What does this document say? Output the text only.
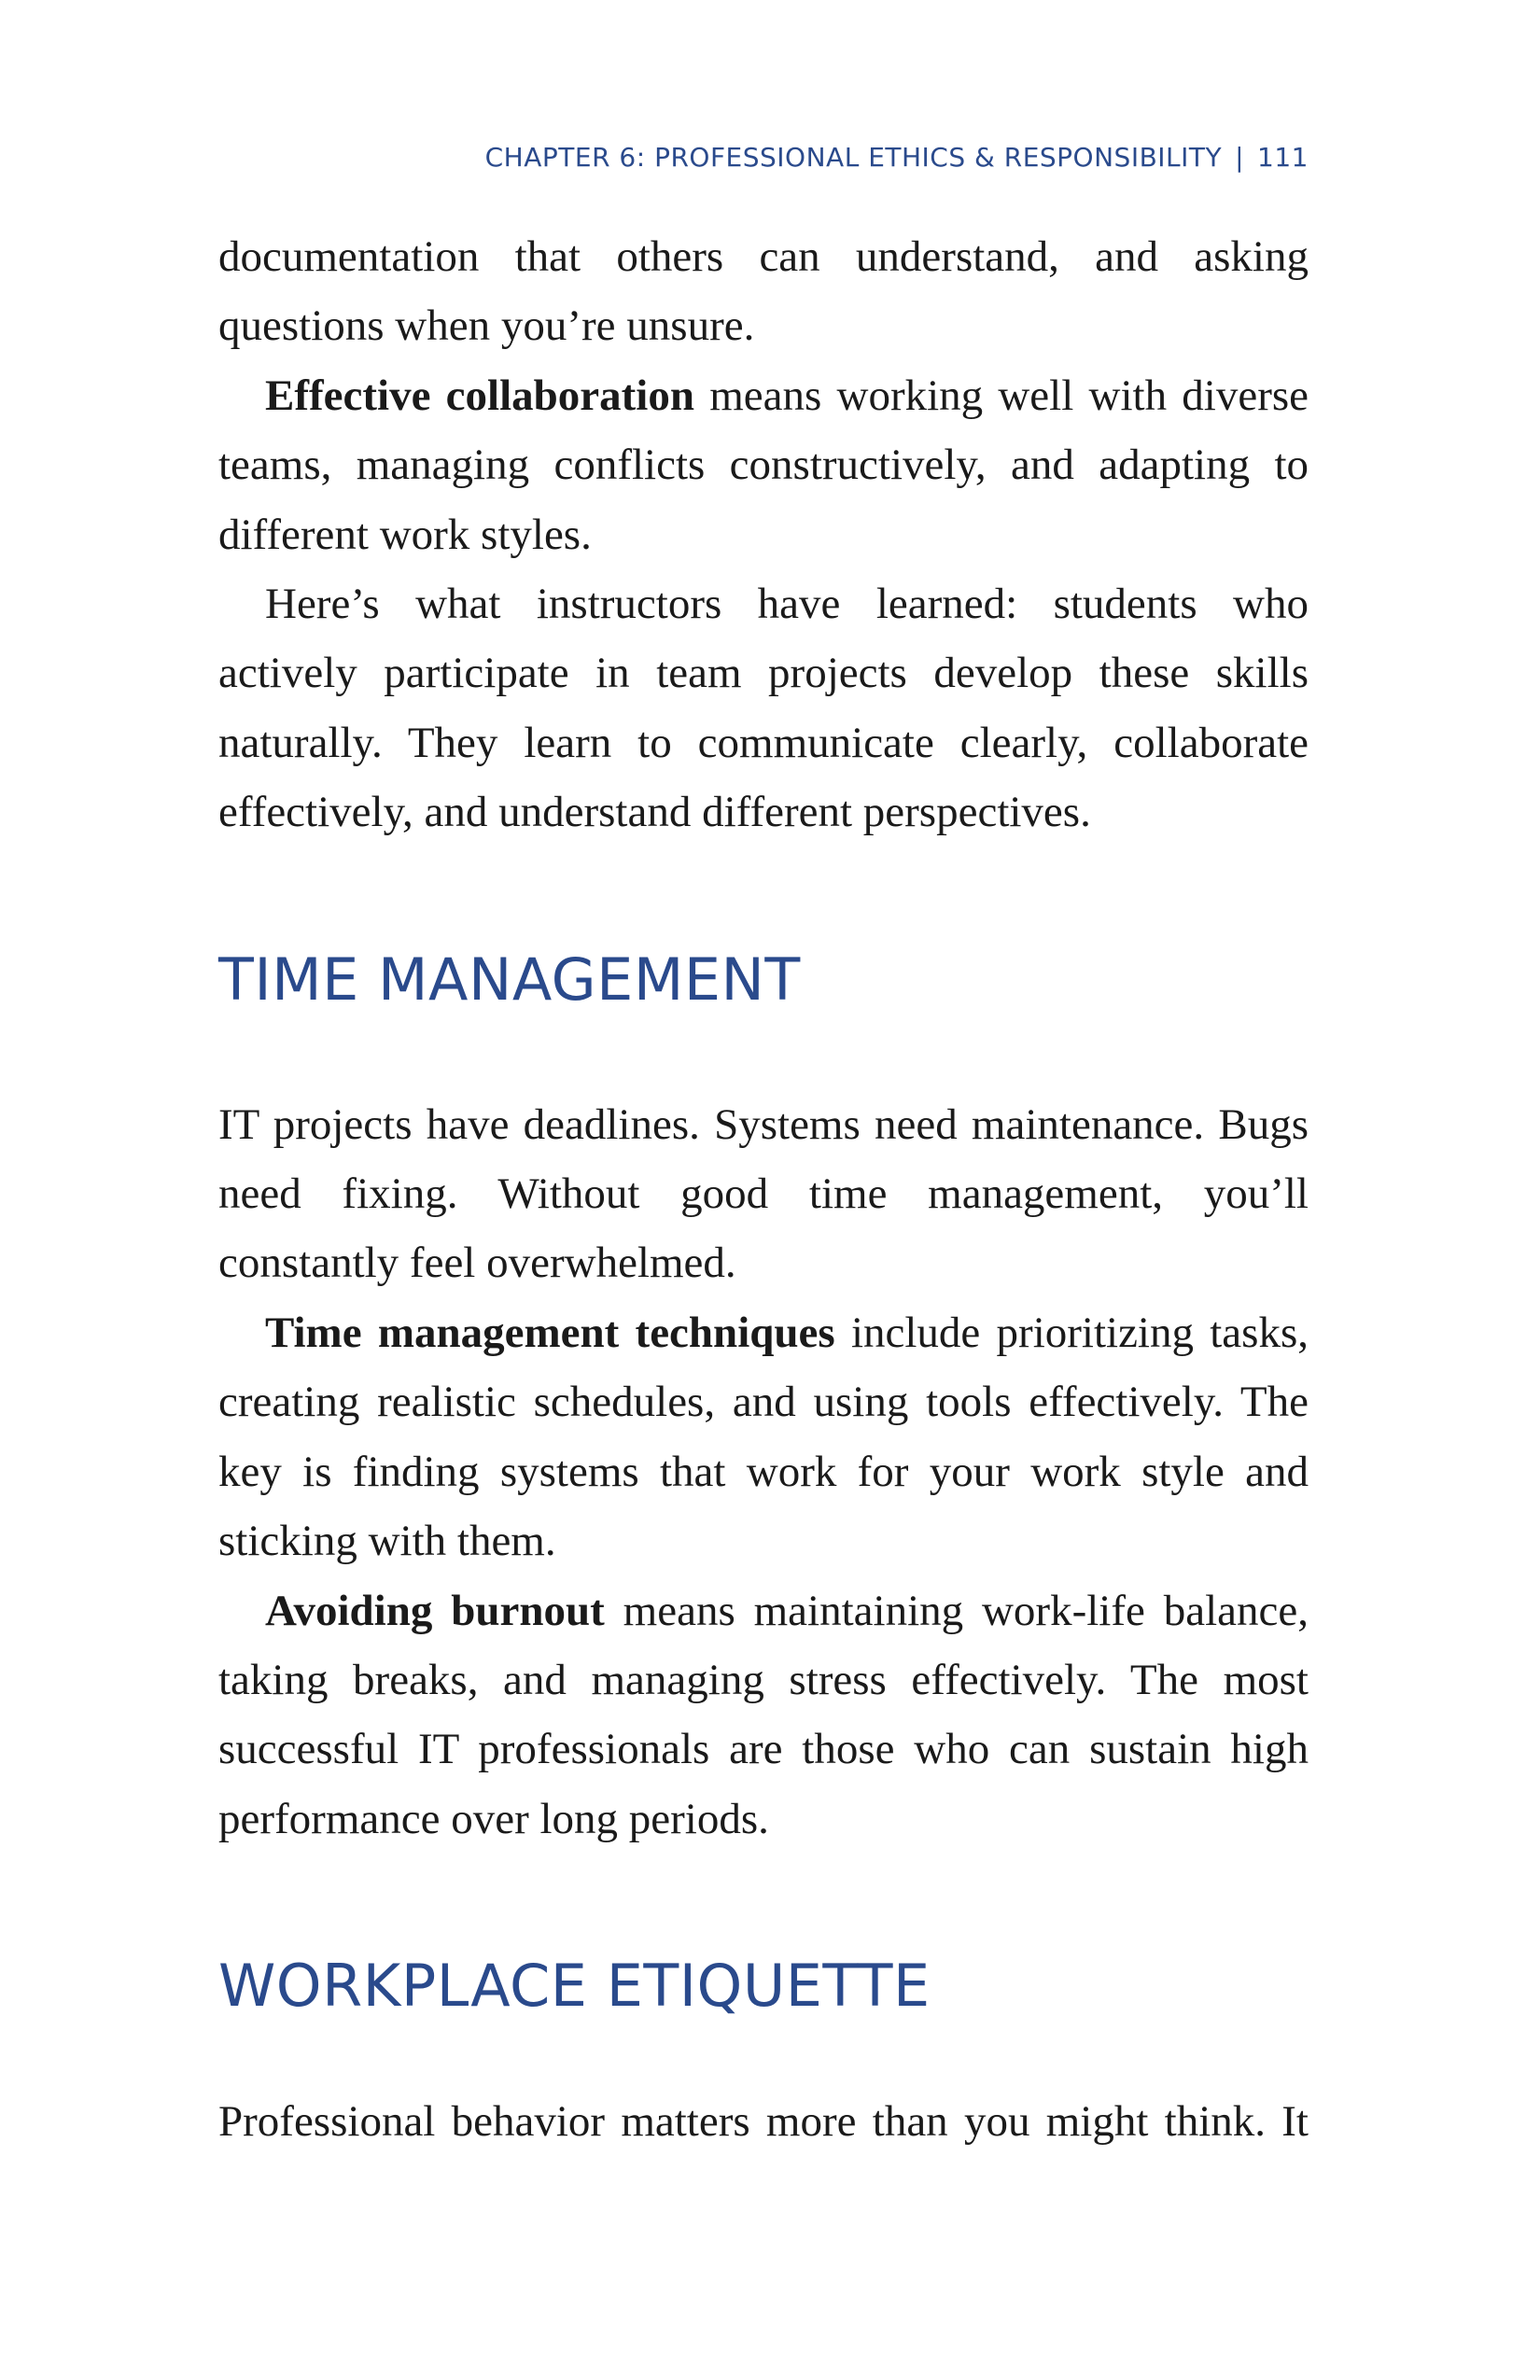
CHAPTER 6: PROFESSIONAL ETHICS & RESPONSIBILITY | 111

documentation that others can understand, and asking questions when you’re unsure.

Effective collaboration means working well with diverse teams, managing conflicts constructively, and adapting to different work styles.

Here’s what instructors have learned: students who actively participate in team projects develop these skills naturally. They learn to communicate clearly, collaborate effectively, and understand different perspectives.

TIME MANAGEMENT

IT projects have deadlines. Systems need maintenance. Bugs need fixing. Without good time management, you’ll constantly feel overwhelmed.

Time management techniques include prioritizing tasks, creating realistic schedules, and using tools effectively. The key is finding systems that work for your work style and sticking with them.

Avoiding burnout means maintaining work-life balance, taking breaks, and managing stress effectively. The most successful IT professionals are those who can sustain high performance over long periods.

WORKPLACE ETIQUETTE

Professional behavior matters more than you might think. It
